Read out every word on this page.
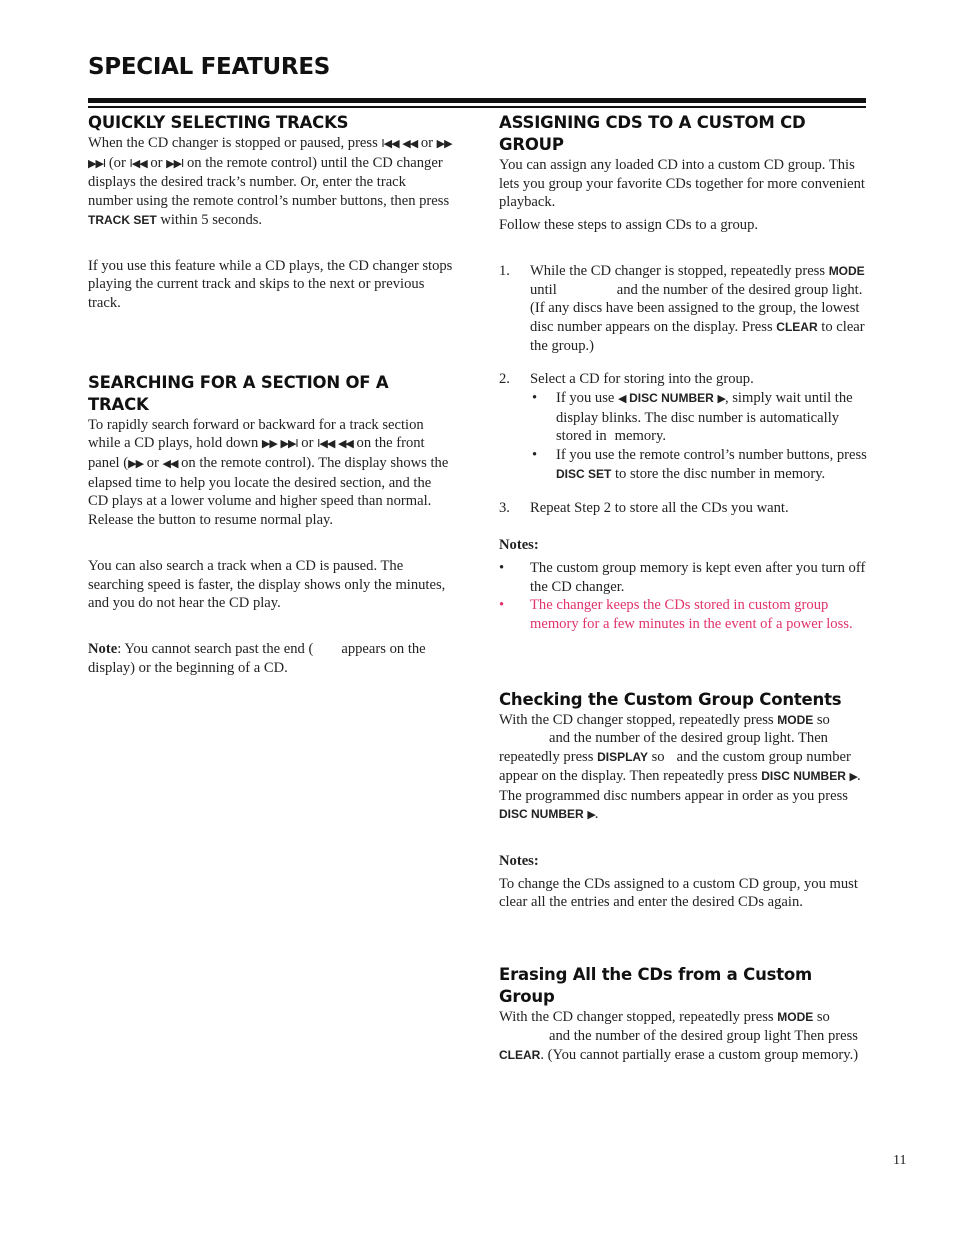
SPECIAL FEATURES
QUICKLY SELECTING TRACKS

When the CD changer is stopped or paused, press I◀◀ ◀◀ or ▶▶ ▶▶I (or I◀◀ or ▶▶I on the remote control) until the CD changer displays the desired track’s number. Or, enter the track number using the remote control’s number buttons, then press TRACK SET within 5 seconds.

If you use this feature while a CD plays, the CD changer stops playing the current track and skips to the next or previous track.

SEARCHING FOR A SECTION OF A TRACK

To rapidly search forward or backward for a track section while a CD plays, hold down ▶▶ ▶▶I or I◀◀ ◀◀ on the front panel (▶▶ or ◀◀ on the remote control). The display shows the elapsed time to help you locate the desired section, and the CD plays at a lower volume and higher speed than normal. Release the button to resume normal play.

You can also search a track when a CD is paused. The searching speed is faster, the display shows only the minutes, and you do not hear the CD play.

Note: You cannot search past the end ( appears on the display) or the beginning of a CD.

ASSIGNING CDS TO A CUSTOM CD GROUP

You can assign any loaded CD into a custom CD group. This lets you group your favorite CDs together for more convenient playback.

Follow these steps to assign CDs to a group.

1. While the CD changer is stopped, repeatedly press MODE until	and the number of the desired group light. (If any discs have been assigned to the group, the lowest disc number appears on the display. Press CLEAR to clear the group.)
2. Select a CD for storing into the group.
• If you use ◀ DISC NUMBER ▶, simply wait until the display blinks. The disc number is automatically stored in memory.
• If you use the remote control’s number buttons, press DISC SET to store the disc number in memory.
3. Repeat Step 2 to store all the CDs you want.

Notes:

• The custom group memory is kept even after you turn off the CD changer.
• The changer keeps the CDs stored in custom group memory for a few minutes in the event of a power loss.
Checking the Custom Group Contents

With the CD changer stopped, repeatedly press MODE soand the number of the desired group light. Then repeatedly press DISPLAY so and the custom group number appear on the display. Then repeatedly press DISC NUMBER ▶. The programmed disc numbers appear in order as you press DISC NUMBER ▶.

Notes:

To change the CDs assigned to a custom CD group, you must clear all the entries and enter the desired CDs again.

Erasing All the CDs from a Custom Group

With the CD changer stopped, repeatedly press MODE soand the number of the desired group light Then press CLEAR. (You cannot partially erase a custom group memory.)

11
